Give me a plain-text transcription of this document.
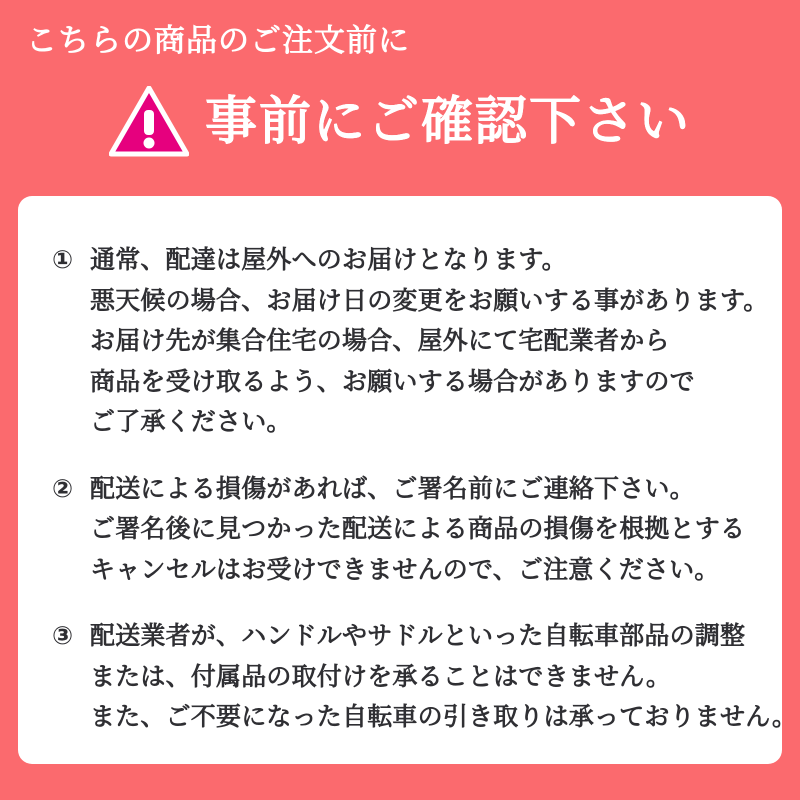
こちらの商品のご注文前に
事前にご確認下さい
① 通常、配達は屋外へのお届けとなります。
悪天候の場合、お届け日の変更をお願いする事があります。
お届け先が集合住宅の場合、屋外にて宅配業者から
商品を受け取るよう、お願いする場合がありますので
ご了承ください。
② 配送による損傷があれば、ご署名前にご連絡下さい。
ご署名後に見つかった配送による商品の損傷を根拠とする
キャンセルはお受けできませんので、ご注意ください。
③ 配送業者が、ハンドルやサドルといった自転車部品の調整
または、付属品の取付けを承ることはできません。
また、ご不要になった自転車の引き取りは承っておりません。
